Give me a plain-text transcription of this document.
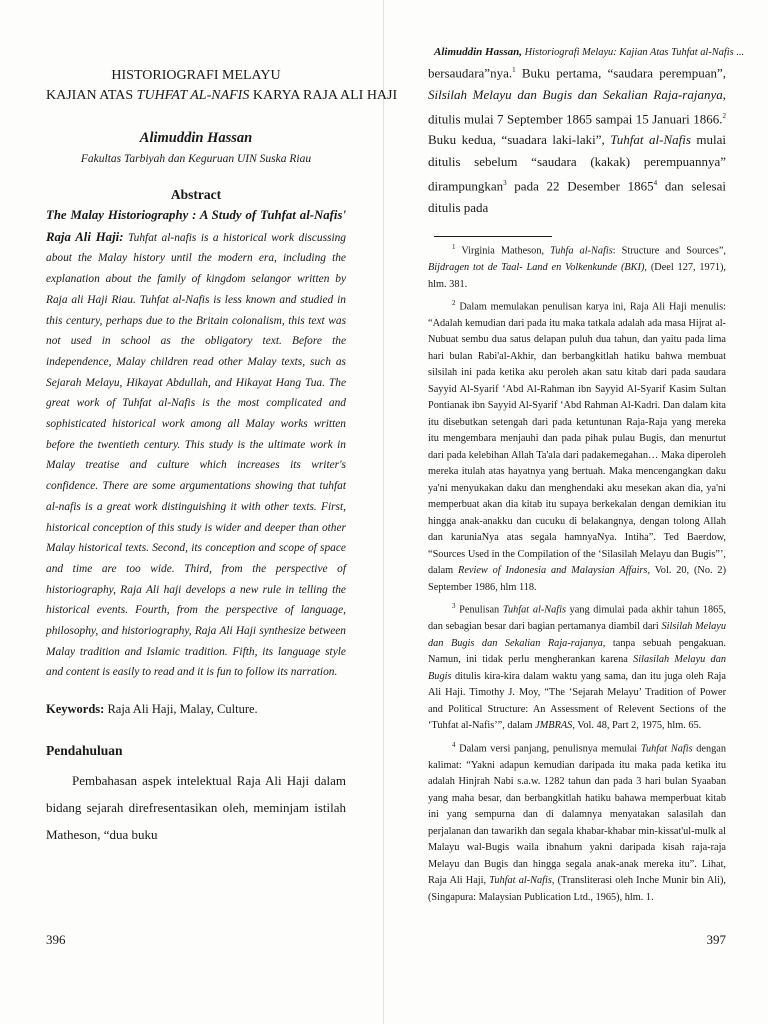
HISTORIOGRAFI MELAYU
KAJIAN ATAS TUHFAT AL-NAFIS KARYA RAJA ALI HAJI
Alimuddin Hassan
Fakultas Tarbiyah dan Keguruan UIN Suska Riau
Abstract
The Malay Historiography : A Study of Tuhfat al-Nafis' Raja Ali Haji: Tuhfat al-nafis is a historical work discussing about the Malay history until the modern era, including the explanation about the family of kingdom selangor written by Raja ali Haji Riau. Tuhfat al-Nafis is less known and studied in this century, perhaps due to the Britain colonalism, this text was not used in school as the obligatory text. Before the independence, Malay children read other Malay texts, such as Sejarah Melayu, Hikayat Abdullah, and Hikayat Hang Tua. The great work of Tuhfat al-Nafis is the most complicated and sophisticated historical work among all Malay works written before the twentieth century. This study is the ultimate work in Malay treatise and culture which increases its writer's confidence. There are some argumentations showing that tuhfat al-nafis is a great work distinguishing it with other texts. First, historical conception of this study is wider and deeper than other Malay historical texts. Second, its conception and scope of space and time are too wide. Third, from the perspective of historiography, Raja Ali haji develops a new rule in telling the historical events. Fourth, from the perspective of language, philosophy, and historiography, Raja Ali Haji synthesize between Malay tradition and Islamic tradition. Fifth, its language style and content is easily to read and it is fun to follow its narration.
Keywords: Raja Ali Haji, Malay, Culture.
Pendahuluan
Pembahasan aspek intelektual Raja Ali Haji dalam bidang sejarah direfresentasikan oleh, meminjam istilah Matheson, “dua buku
396
Alimuddin Hassan, Historiografi Melayu: Kajian Atas Tuhfat al-Nafis ...
bersaudara”nya.$^1$ Buku pertama, “saudara perempuan”, Silsilah Melayu dan Bugis dan Sekalian Raja-rajanya, ditulis mulai 7 September 1865 sampai 15 Januari 1866.$^2$ Buku kedua, “suadara laki-laki”, Tuhfat al-Nafis mulai ditulis sebelum “saudara (kakak) perempuannya” dirampungkan$^3$ pada 22 Desember 1865$^4$ dan selesai ditulis pada
$^1$ Virginia Matheson, Tuhfa al-Nafis: Structure and Sources”, Bijdragen tot de Taal- Land en Volkenkunde (BKI), (Deel 127, 1971), hlm. 381.
$^2$ Dalam memulakan penulisan karya ini, Raja Ali Haji menulis: “Adalah kemudian dari pada itu maka tatkala adalah ada masa Hijrat al-Nubuat sembu dua satus delapan puluh dua tahun, dan yaitu pada lima hari bulan Rabi'al-Akhir, dan berbangkitlah hatiku bahwa membuat silsilah ini pada ketika aku peroleh akan satu kitab dari pada saudara Sayyid Al-Syarif ‘Abd Al-Rahman ibn Sayyid Al-Syarif Kasim Sultan Pontianak ibn Sayyid Al-Syarif ‘Abd Rahman Al-Kadri. Dan dalam kita itu disebutkan setengah dari pada ketuntunan Raja-Raja yang mereka itu mengembara menjauhi dan pada pihak pulau Bugis, dan menurtut dari pada kelebihan Allah Ta'ala dari padakemegahan… Maka diperoleh mereka itulah atas hayatnya yang bertuah. Maka mencengangkan daku ya'ni menyukakan daku dan menghendaki aku mesekan akan dia, ya'ni memperbuat akan dia kitab itu supaya berkekalan dengan demikian itu hingga anak-anakku dan cucuku di belakangnya, dengan tolong Allah dan karuniaNya atas segala hamnyaNya. Intiha”. Ted Baerdow, “Sources Used in the Compilation of the ‘Silasilah Melayu dan Bugis”’, dalam Review of Indonesia and Malaysian Affairs, Vol. 20, (No. 2) September 1986, hlm 118.
$^3$ Penulisan Tuhfat al-Nafis yang dimulai pada akhir tahun 1865, dan sebagian besar dari bagian pertamanya diambil dari Silsilah Melayu dan Bugis dan Sekalian Raja-rajanya, tanpa sebuah pengakuan. Namun, ini tidak perlu mengherankan karena Silasilah Melayu dan Bugis ditulis kira-kira dalam waktu yang sama, dan itu juga oleh Raja Ali Haji. Timothy J. Moy, “The ‘Sejarah Melayu’ Tradition of Power and Political Structure: An Assessment of Relevent Sections of the ‘Tuhfat al-Nafis’”, dalam JMBRAS, Vol. 48, Part 2, 1975, hlm. 65.
$^4$ Dalam versi panjang, penulisnya memulai Tuhfat Nafis dengan kalimat: “Yakni adapun kemudian daripada itu maka pada ketika itu adalah Hinjrah Nabi s.a.w. 1282 tahun dan pada 3 hari bulan Syaaban yang maha besar, dan berbangkitlah hatiku bahawa memperbuat kitab ini yang sempurna dan di dalamnya menyatakan salasilah dan perjalanan dan tawarikh dan segala khabar-khabar min-kissat'ul-mulk al Malayu wal-Bugis waila ibnahum yakni daripada kisah raja-raja Melayu dan Bugis dan hingga segala anak-anak mereka itu”. Lihat, Raja Ali Haji, Tuhfat al-Nafis, (Transliterasi oleh Inche Munir bin Ali), (Singapura: Malaysian Publication Ltd., 1965), hlm. 1.
397
